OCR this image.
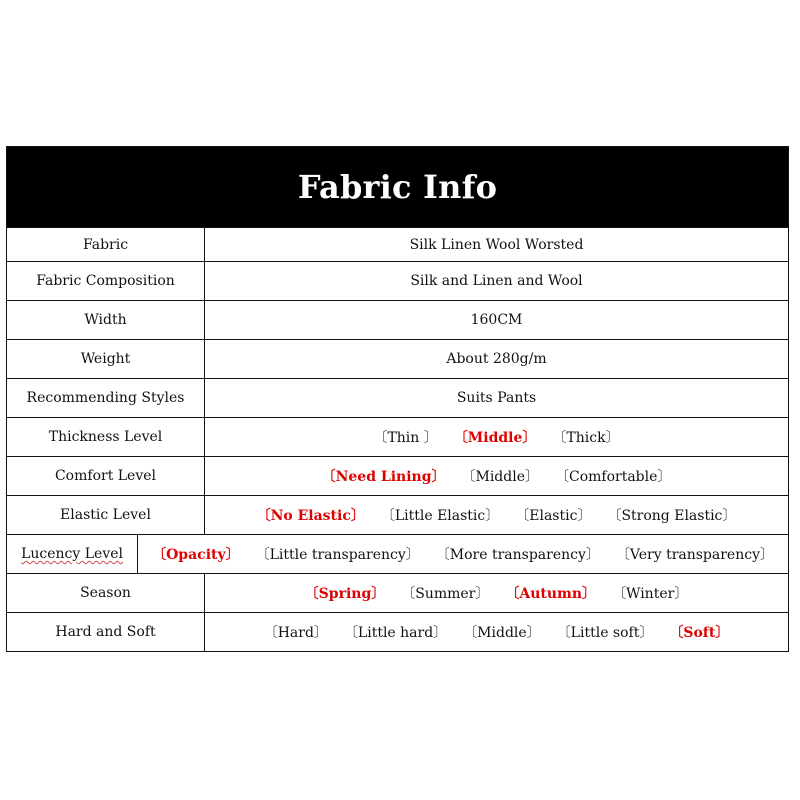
Fabric Info
Fabric	Silk Linen Wool Worsted
Fabric Composition	Silk and Linen and Wool
Width	160CM
Weight	About 280g/m
Recommending Styles	Suits Pants
Thickness Level	〔Thin 〕 〔Middle〕 〔Thick〕
Comfort Level	〔Need Lining〕 〔Middle〕 〔Comfortable〕
Elastic Level	〔No Elastic〕 〔Little Elastic〕 〔Elastic〕 〔Strong Elastic〕
Lucency Level 〔Opacity〕 〔Little transparency〕 〔More transparency〕 〔Very transparency〕
Season	〔Spring〕 〔Summer〕 〔Autumn〕 〔Winter〕
Hard and Soft	〔Hard〕 〔Little hard〕 〔Middle〕 〔Little soft〕 〔Soft〕
